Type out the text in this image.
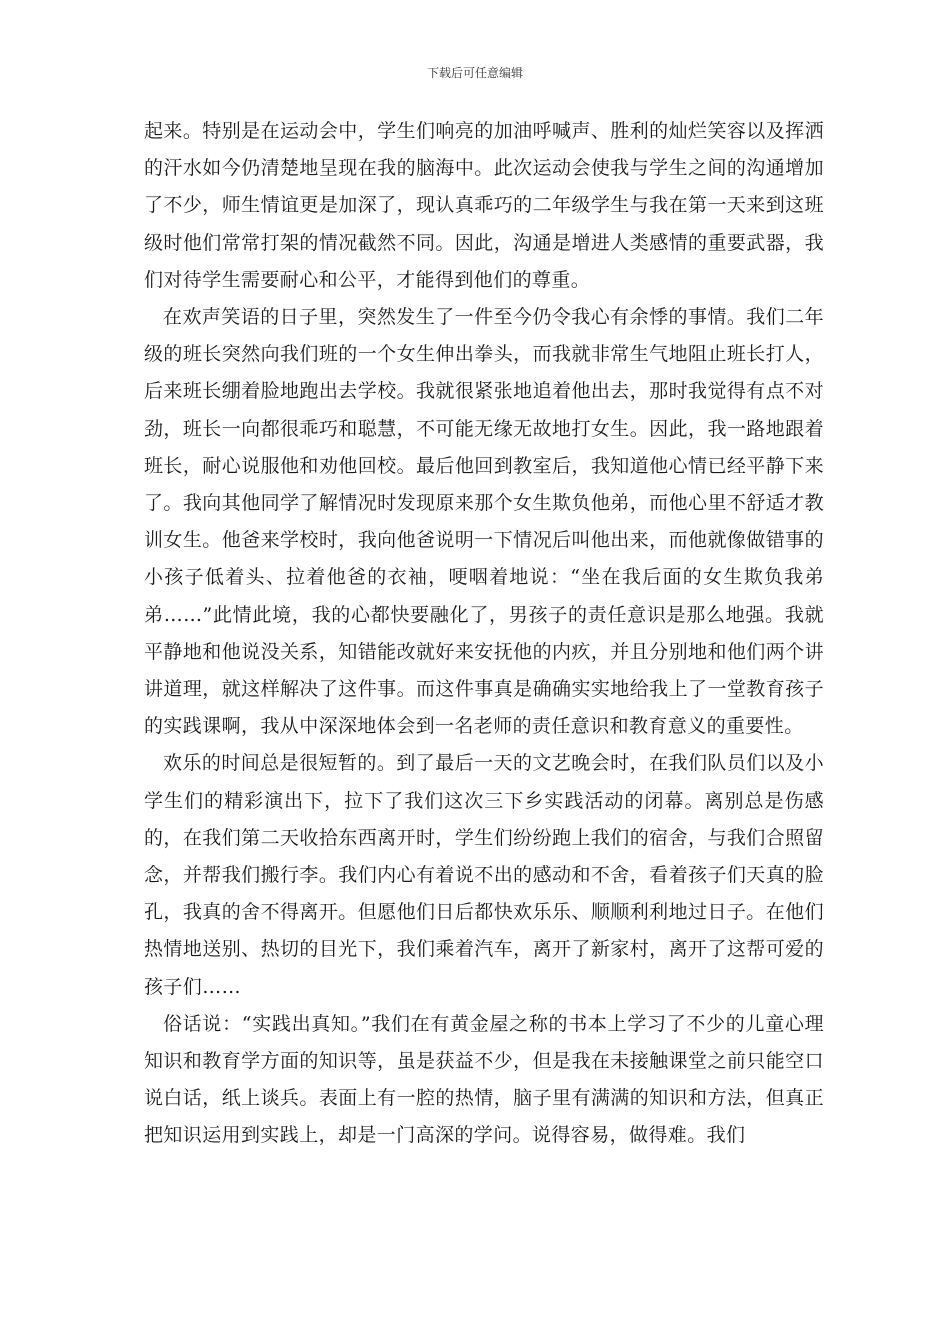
下载后可任意编辑

起来。特别是在运动会中，学生们响亮的加油呼喊声、胜利的灿烂笑容以及挥洒的汗水如今仍清楚地呈现在我的脑海中。此次运动会使我与学生之间的沟通增加了不少，师生情谊更是加深了，现认真乖巧的二年级学生与我在第一天来到这班级时他们常常打架的情况截然不同。因此，沟通是增进人类感情的重要武器，我们对待学生需要耐心和公平，才能得到他们的尊重。

在欢声笑语的日子里，突然发生了一件至今仍令我心有余悸的事情。我们二年级的班长突然向我们班的一个女生伸出拳头，而我就非常生气地阻止班长打人，后来班长绷着脸地跑出去学校。我就很紧张地追着他出去，那时我觉得有点不对劲，班长一向都很乖巧和聪慧，不可能无缘无故地打女生。因此，我一路地跟着班长，耐心说服他和劝他回校。最后他回到教室后，我知道他心情已经平静下来了。我向其他同学了解情况时发现原来那个女生欺负他弟，而他心里不舒适才教训女生。他爸来学校时，我向他爸说明一下情况后叫他出来，而他就像做错事的小孩子低着头、拉着他爸的衣袖，哽咽着地说：“坐在我后面的女生欺负我弟弟……”此情此境，我的心都快要融化了，男孩子的责任意识是那么地强。我就平静地和他说没关系，知错能改就好来安抚他的内疚，并且分别地和他们两个讲讲道理，就这样解决了这件事。而这件事真是确确实实地给我上了一堂教育孩子的实践课啊，我从中深深地体会到一名老师的责任意识和教育意义的重要性。

欢乐的时间总是很短暂的。到了最后一天的文艺晚会时，在我们队员们以及小学生们的精彩演出下，拉下了我们这次三下乡实践活动的闭幕。离别总是伤感的，在我们第二天收拾东西离开时，学生们纷纷跑上我们的宿舍，与我们合照留念，并帮我们搬行李。我们内心有着说不出的感动和不舍，看着孩子们天真的脸孔，我真的舍不得离开。但愿他们日后都快欢乐乐、顺顺利利地过日子。在他们热情地送别、热切的目光下，我们乘着汽车，离开了新家村，离开了这帮可爱的孩子们……

俗话说：“实践出真知。”我们在有黄金屋之称的书本上学习了不少的儿童心理知识和教育学方面的知识等，虽是获益不少，但是我在未接触课堂之前只能空口说白话，纸上谈兵。表面上有一腔的热情，脑子里有满满的知识和方法，但真正把知识运用到实践上，却是一门高深的学问。说得容易，做得难。我们
